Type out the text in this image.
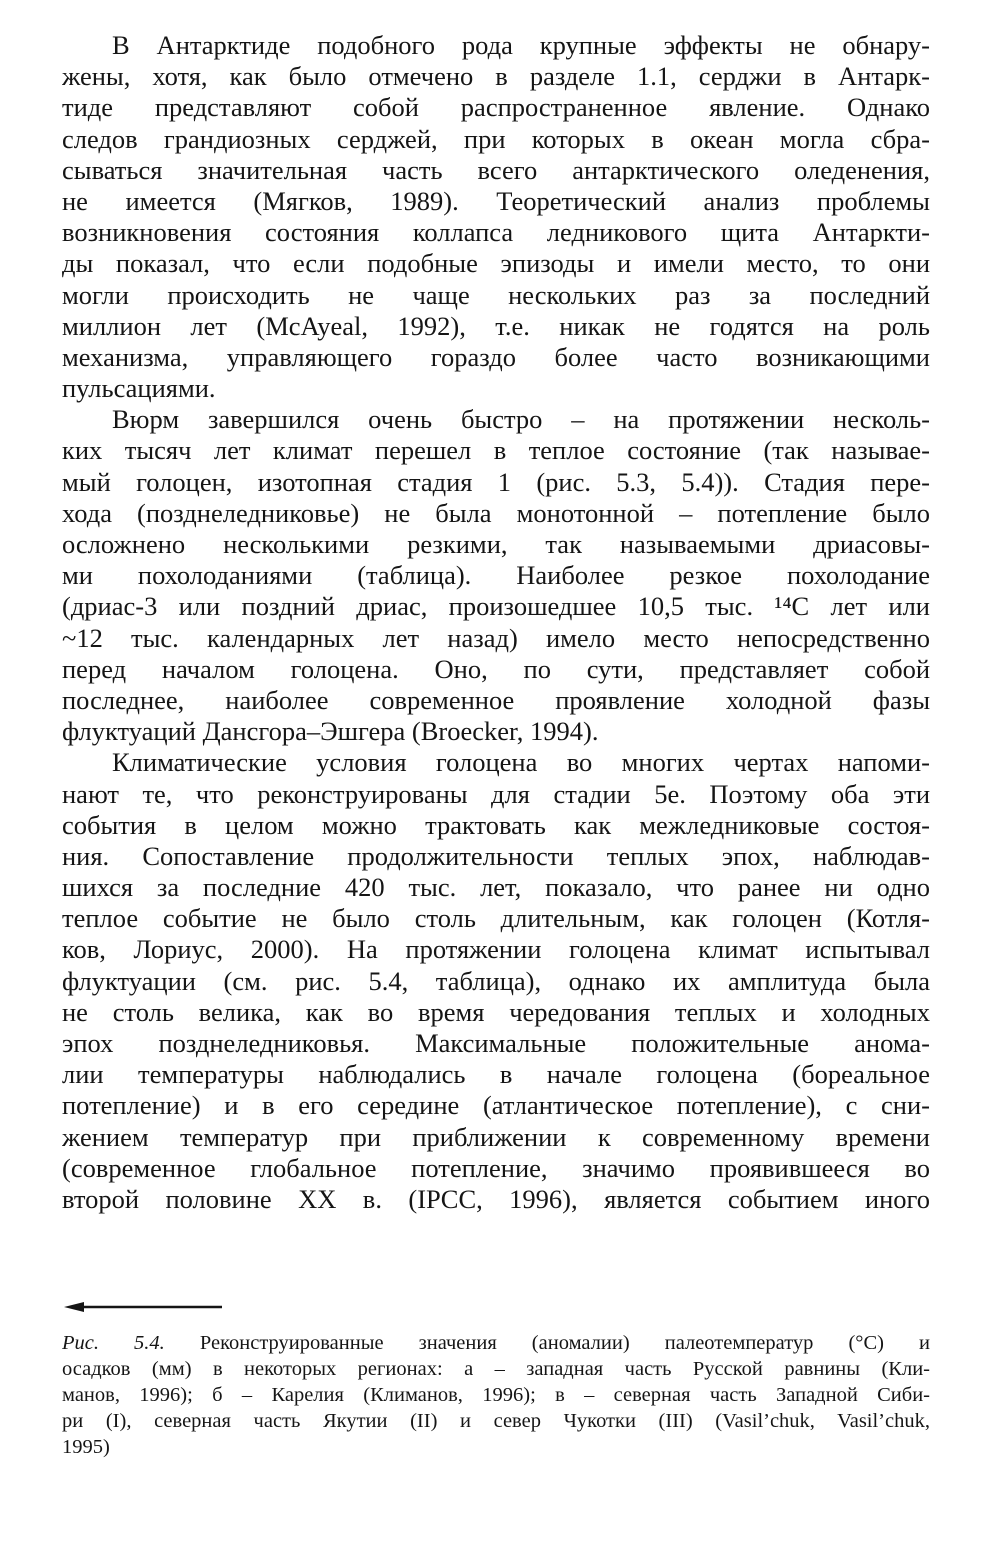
В Антарктиде подобного рода крупные эффекты не обнару-
жены, хотя, как было отмечено в разделе 1.1, серджи в Антарк-
тиде представляют собой распространенное явление. Однако
следов грандиозных серджей, при которых в океан могла сбра-
сываться значительная часть всего антарктического оледенения,
не имеется (Мягков, 1989). Теоретический анализ проблемы
возникновения состояния коллапса ледникового щита Антаркти-
ды показал, что если подобные эпизоды и имели место, то они
могли происходить не чаще нескольких раз за последний
миллион лет (McAyeal, 1992), т.е. никак не годятся на роль
механизма, управляющего гораздо более часто возникающими
пульсациями.
Вюрм завершился очень быстро – на протяжении несколь-
ких тысяч лет климат перешел в теплое состояние (так называе-
мый голоцен, изотопная стадия 1 (рис. 5.3, 5.4)). Стадия пере-
хода (позднеледниковье) не была монотонной – потепление было
осложнено несколькими резкими, так называемыми дриасовы-
ми похолоданиями (таблица). Наиболее резкое похолодание
(дриас-3 или поздний дриас, произошедшее 10,5 тыс. ¹⁴C лет или
~12 тыс. календарных лет назад) имело место непосредственно
перед началом голоцена. Оно, по сути, представляет собой
последнее, наиболее современное проявление холодной фазы
флуктуаций Дансгора–Эшгера (Broecker, 1994).
Климатические условия голоцена во многих чертах напоми-
нают те, что реконструированы для стадии 5е. Поэтому оба эти
события в целом можно трактовать как межледниковые состоя-
ния. Сопоставление продолжительности теплых эпох, наблюдав-
шихся за последние 420 тыс. лет, показало, что ранее ни одно
теплое событие не было столь длительным, как голоцен (Котля-
ков, Лориус, 2000). На протяжении голоцена климат испытывал
флуктуации (см. рис. 5.4, таблица), однако их амплитуда была
не столь велика, как во время чередования теплых и холодных
эпох позднеледниковья. Максимальные положительные анома-
лии температуры наблюдались в начале голоцена (бореальное
потепление) и в его середине (атлантическое потепление), с сни-
жением температур при приближении к современному времени
(современное глобальное потепление, значимо проявившееся во
второй половине XX в. (IPCC, 1996), является событием иного
Рис. 5.4. Реконструированные значения (аномалии) палеотемператур (°С) и
осадков (мм) в некоторых регионах: а – западная часть Русской равнины (Кли-
манов, 1996); б – Карелия (Климанов, 1996); в – северная часть Западной Сиби-
ри (I), северная часть Якутии (II) и север Чукотки (III) (Vasil’chuk, Vasil’chuk,
1995)
